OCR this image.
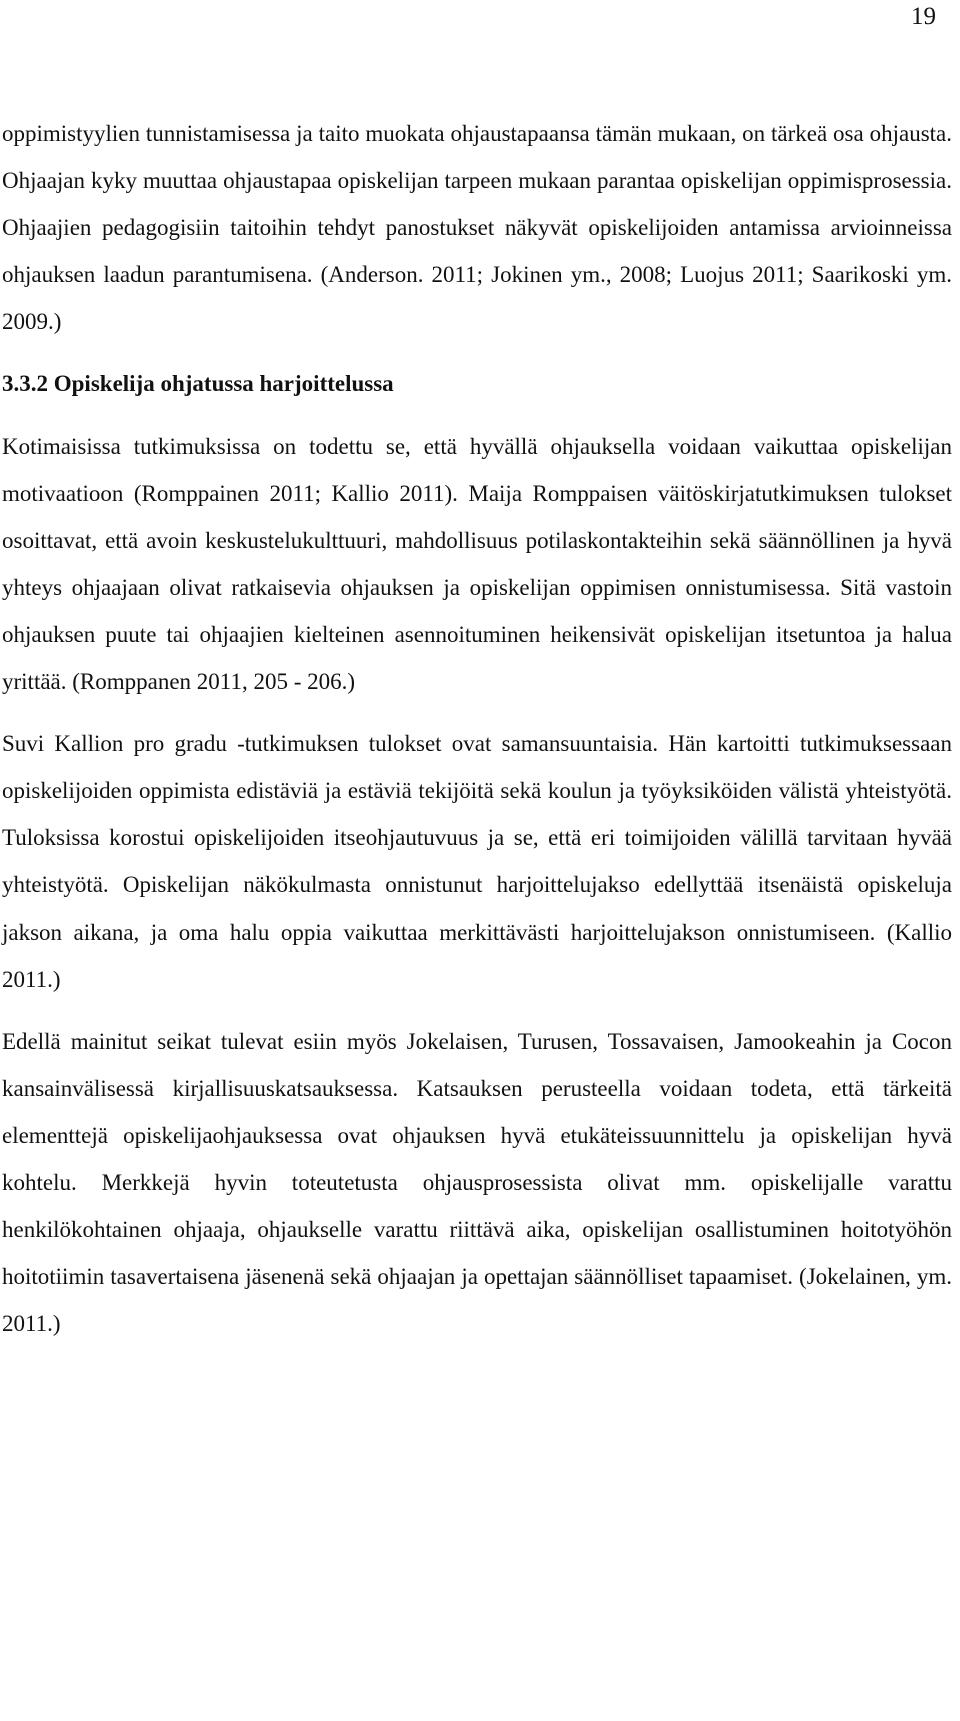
19

oppimistyylien tunnistamisessa ja taito muokata ohjaustapaansa tämän mukaan, on tärkeä osa ohjausta. Ohjaajan kyky muuttaa ohjaustapaa opiskelijan tarpeen mukaan parantaa opiskelijan oppimisprosessia. Ohjaajien pedagogisiin taitoihin tehdyt panostukset näkyvät opiskelijoiden antamissa arvioinneissa ohjauksen laadun parantumisena. (Anderson. 2011; Jokinen ym., 2008; Luojus 2011; Saarikoski ym. 2009.)

3.3.2 Opiskelija ohjatussa harjoittelussa

Kotimaisissa tutkimuksissa on todettu se, että hyvällä ohjauksella voidaan vaikuttaa opiskelijan motivaatioon (Romppainen 2011; Kallio 2011). Maija Romppaisen väitöskirjatutkimuksen tulokset osoittavat, että avoin keskustelukulttuuri, mahdollisuus potilaskontakteihin sekä säännöllinen ja hyvä yhteys ohjaajaan olivat ratkaisevia ohjauksen ja opiskelijan oppimisen onnistumisessa. Sitä vastoin ohjauksen puute tai ohjaajien kielteinen asennoituminen heikensivät opiskelijan itsetuntoa ja halua yrittää. (Romppanen 2011, 205 - 206.)

Suvi Kallion pro gradu -tutkimuksen tulokset ovat samansuuntaisia. Hän kartoitti tutkimuksessaan opiskelijoiden oppimista edistäviä ja estäviä tekijöitä sekä koulun ja työyksiköiden välistä yhteistyötä. Tuloksissa korostui opiskelijoiden itseohjautuvuus ja se, että eri toimijoiden välillä tarvitaan hyvää yhteistyötä. Opiskelijan näkökulmasta onnistunut harjoittelujakso edellyttää itsenäistä opiskeluja jakson aikana, ja oma halu oppia vaikuttaa merkittävästi harjoittelujakson onnistumiseen. (Kallio 2011.)

Edellä mainitut seikat tulevat esiin myös Jokelaisen, Turusen, Tossavaisen, Jamookeahin ja Cocon kansainvälisessä kirjallisuuskatsauksessa. Katsauksen perusteella voidaan todeta, että tärkeitä elementtejä opiskelijaohjauksessa ovat ohjauksen hyvä etukäteissuunnittelu ja opiskelijan hyvä kohtelu. Merkkejä hyvin toteutetusta ohjausprosessista olivat mm. opiskelijalle varattu henkilökohtainen ohjaaja, ohjaukselle varattu riittävä aika, opiskelijan osallistuminen hoitotyöhön hoitotiimin tasavertaisena jäsenenä sekä ohjaajan ja opettajan säännölliset tapaamiset. (Jokelainen, ym. 2011.)
